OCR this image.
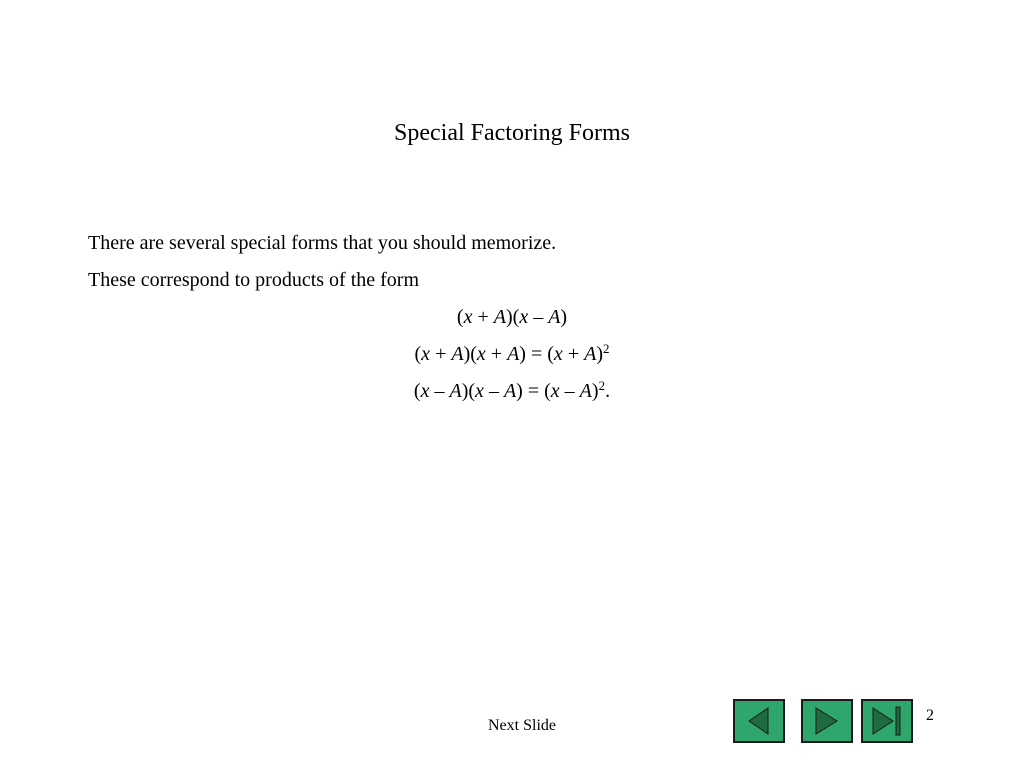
Special Factoring Forms
There are several special forms that you should memorize.
These correspond to products of the form
(x + A)(x – A)
$(x + A)(x + A) = (x + A)^2$
(x – A)(x – A) = (x – A)$^2$.
Next Slide
2
